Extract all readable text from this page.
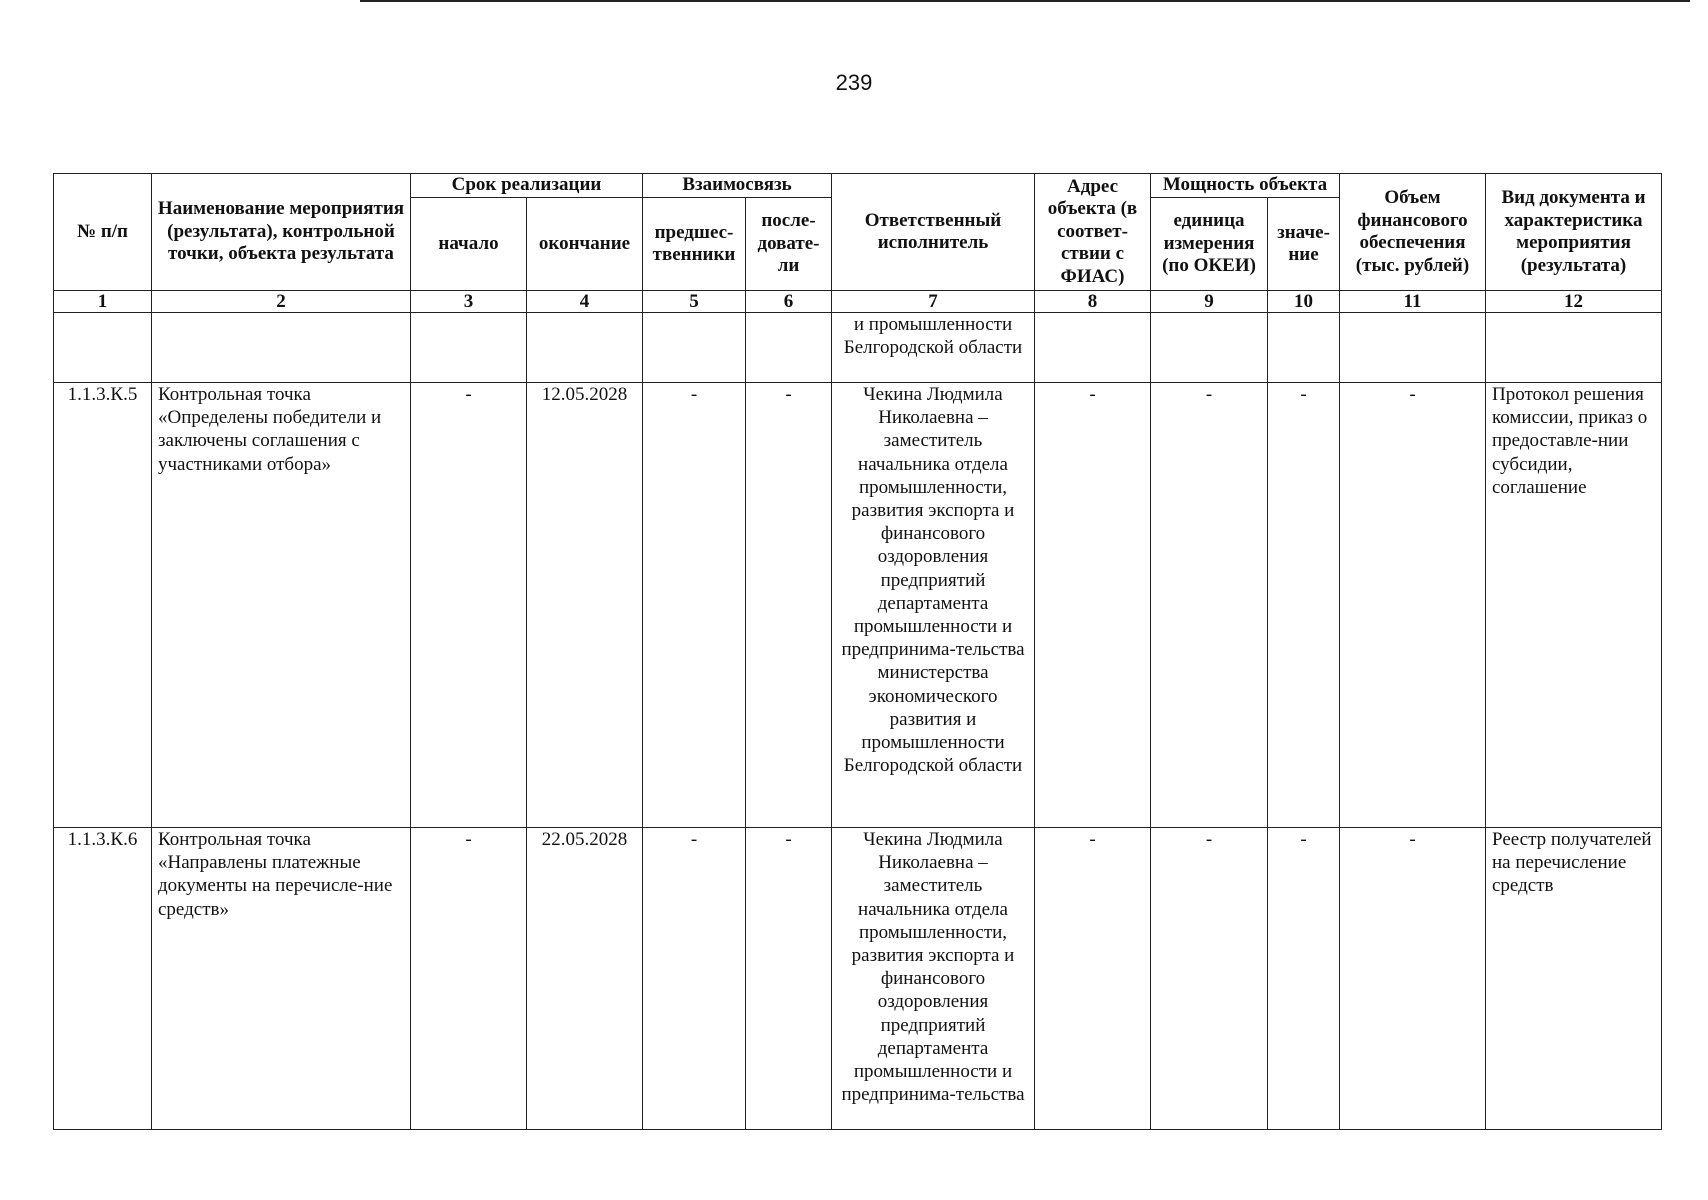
239
№ п/п	Наименование мероприятия (результата), контрольной точки, объекта результата	Срок реализации		Взаимосвязь		Ответственный исполнитель	Адрес объекта (в соответ-ствии с ФИАС)	Мощность объекта		Объем финансового обеспечения (тыс. рублей)	Вид документа и характеристика мероприятия (результата)
		начало	окончание	предшес-твенники	после-довате-ли			единица измерения (по ОКЕИ)	значе-ние		
1	2	3	4	5	6	7	8	9	10	11	12
						и промышленности Белгородской области					
1.1.3.К.5	Контрольная точка «Определены победители и заключены соглашения с участниками отбора»	-	12.05.2028	-	-	Чекина Людмила Николаевна – заместитель начальника отдела промышленности, развития экспорта и финансового оздоровления предприятий департамента промышленности и предпринима-тельства министерства экономического развития и промышленности Белгородской области	-	-	-	-	Протокол решения комиссии, приказ о предоставле-нии субсидии, соглашение
1.1.3.К.6	Контрольная точка «Направлены платежные документы на перечисле-ние средств»	-	22.05.2028	-	-	Чекина Людмила Николаевна – заместитель начальника отдела промышленности, развития экспорта и финансового оздоровления предприятий департамента промышленности и предпринима-тельства	-	-	-	-	Реестр получателей на перечисление средств
